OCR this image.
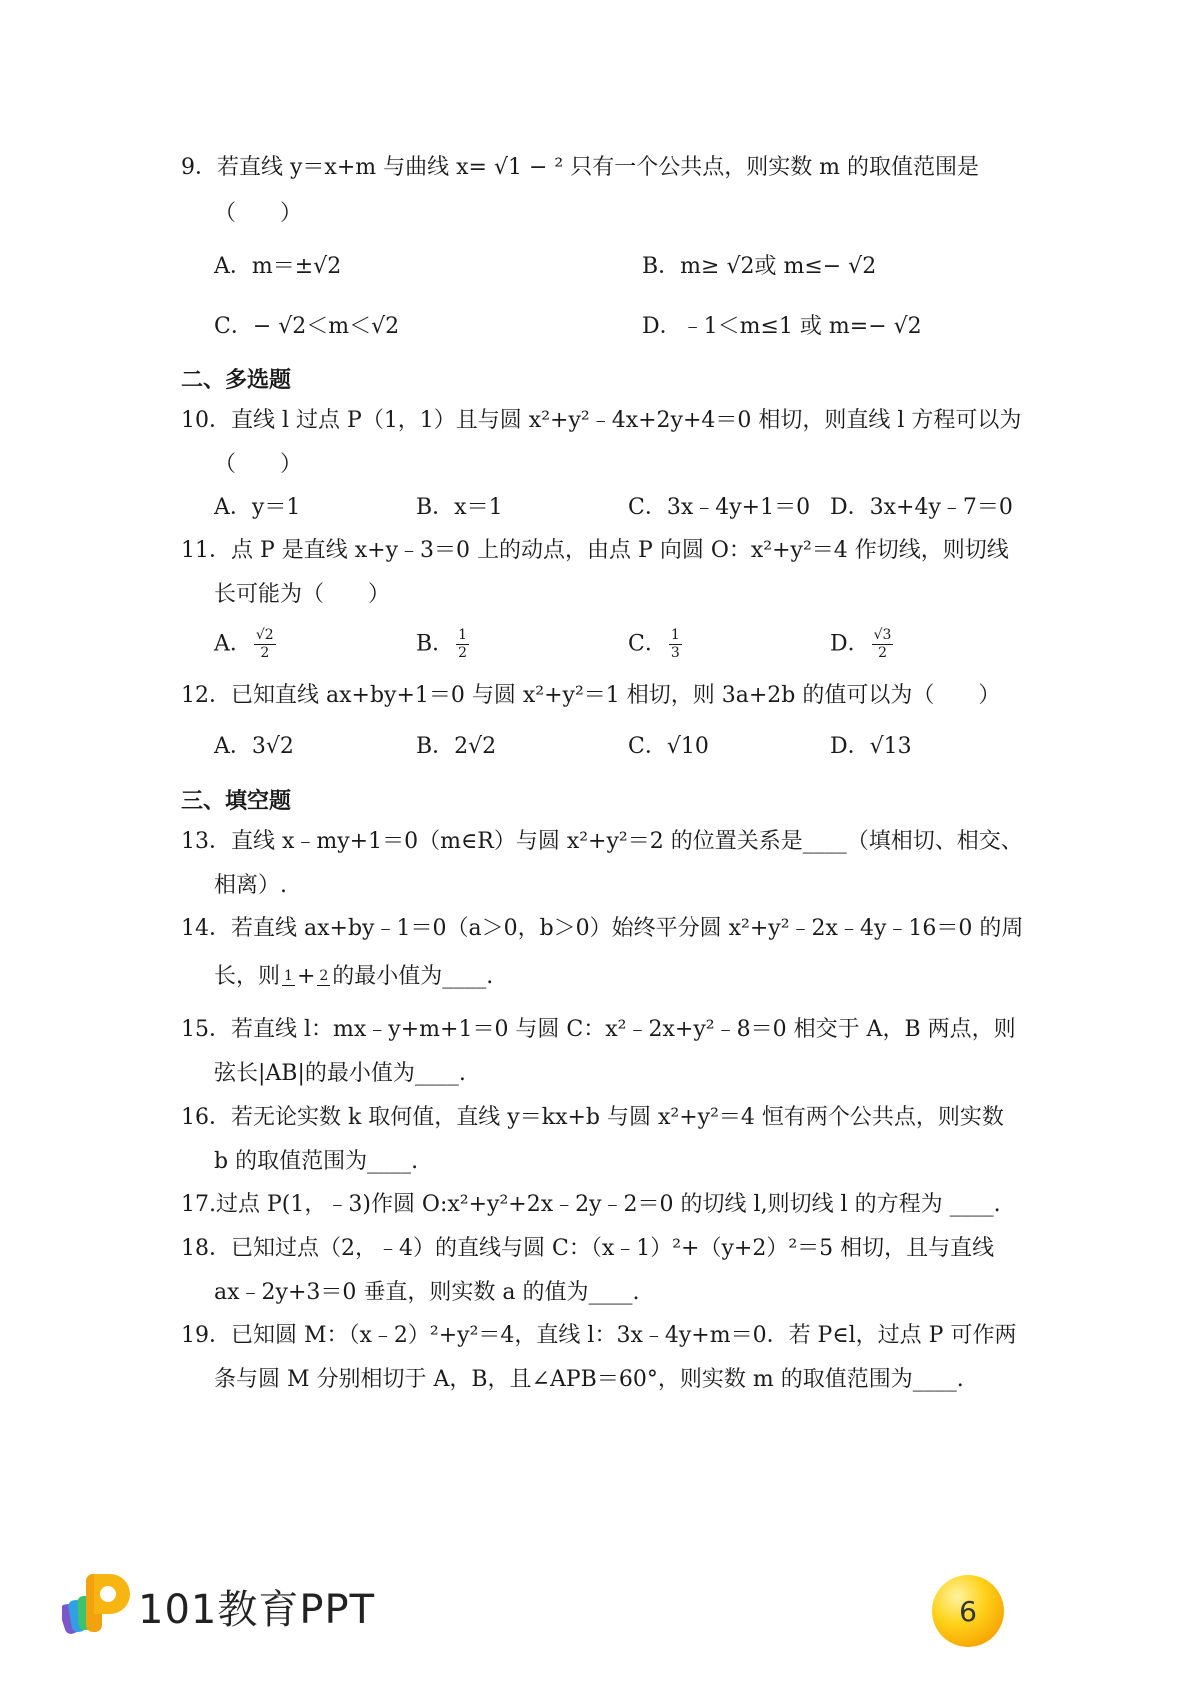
9．若直线 y＝x+m 与曲线 x= √1 − ² 只有一个公共点，则实数 m 的取值范围是
（　　）
A．m＝±√2	B．m≥ √2或 m≤− √2
C．− √2＜m＜√2	D．﹣1＜m≤1 或 m=− √2
二、多选题
10．直线 l 过点 P（1，1）且与圆 x²+y²﹣4x+2y+4＝0 相切，则直线 l 方程可以为
（　　）
A．y＝1	B．x＝1	C．3x﹣4y+1＝0 D．3x+4y﹣7＝0
11．点 P 是直线 x+y﹣3＝0 上的动点，由点 P 向圆 O：x²+y²＝4 作切线，则切线
长可能为（　　）
A． $\frac{√2}{2}$	B． $\frac{1}{2}$	C． $\frac{1}{3}$	D． $\frac{√3}{2}$
12．已知直线 ax+by+1＝0 与圆 x²+y²＝1 相切，则 3a+2b 的值可以为（　　）
A．3√2	B．2√2	C．√10	D．√13
三、填空题
13．直线 x﹣my+1＝0（m∈R）与圆 x²+y²＝2 的位置关系是____（填相切、相交、
相离）.
14．若直线 ax+by﹣1＝0（a＞0，b＞0）始终平分圆 x²+y²﹣2x﹣4y﹣16＝0 的周
长，则 1 + 2 的最小值为____.
15．若直线 l：mx﹣y+m+1＝0 与圆 C：x²﹣2x+y²﹣8＝0 相交于 A，B 两点，则
弦长|AB|的最小值为____.
16．若无论实数 k 取何值，直线 y＝kx+b 与圆 x²+y²＝4 恒有两个公共点，则实数
b 的取值范围为____.
17.过点 P(1，﹣3)作圆 O:x²+y²+2x﹣2y﹣2＝0 的切线 l,则切线 l 的方程为 ____.
18．已知过点（2，﹣4）的直线与圆 C：（x﹣1）²+（y+2）²＝5 相切，且与直线
ax﹣2y+3＝0 垂直，则实数 a 的值为____.
19．已知圆 M：（x﹣2）²+y²＝4，直线 l：3x﹣4y+m＝0．若 P∈l，过点 P 可作两
条与圆 M 分别相切于 A，B，且∠APB＝60°，则实数 m 的取值范围为____.
101教育PPT	6
